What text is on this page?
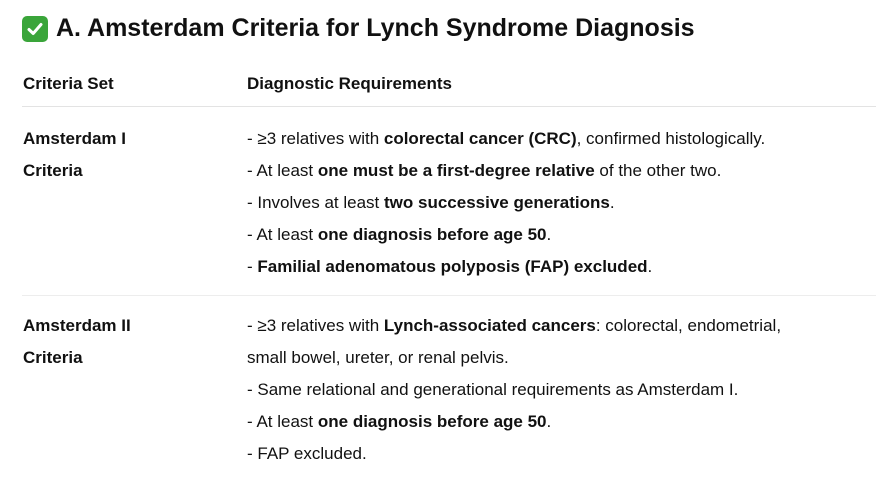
A. Amsterdam Criteria for Lynch Syndrome Diagnosis
Criteria Set	Diagnostic Requirements
Amsterdam I
Criteria
- ≥3 relatives with colorectal cancer (CRC), confirmed histologically.
- At least one must be a first-degree relative of the other two.
- Involves at least two successive generations.
- At least one diagnosis before age 50.
- Familial adenomatous polyposis (FAP) excluded.
Amsterdam II
Criteria
- ≥3 relatives with Lynch-associated cancers: colorectal, endometrial,
small bowel, ureter, or renal pelvis.
- Same relational and generational requirements as Amsterdam I.
- At least one diagnosis before age 50.
- FAP excluded.
